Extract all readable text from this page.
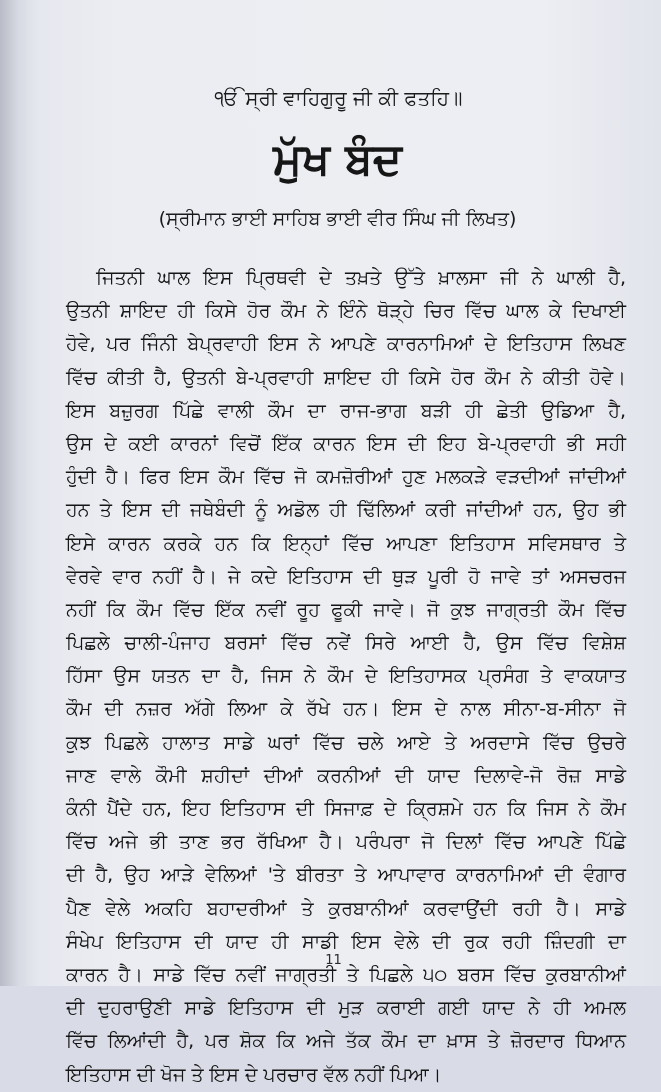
ੴ ਸ੍ਰੀ ਵਾਹਿਗੁਰੂ ਜੀ ਕੀ ਫਤਹਿ॥
ਮੁੱਖ ਬੰਦ
(ਸ੍ਰੀਮਾਨ ਭਾਈ ਸਾਹਿਬ ਭਾਈ ਵੀਰ ਸਿੰਘ ਜੀ ਲਿਖਤ)
ਜਿਤਨੀ ਘਾਲ ਇਸ ਪ੍ਰਿਥਵੀ ਦੇ ਤਖ਼ਤੇ ਉੱਤੇ ਖ਼ਾਲਸਾ ਜੀ ਨੇ ਘਾਲੀ ਹੈ,
ਉਤਨੀ ਸ਼ਾਇਦ ਹੀ ਕਿਸੇ ਹੋਰ ਕੌਮ ਨੇ ਇੰਨੇ ਥੋੜ੍ਹੇ ਚਿਰ ਵਿੱਚ ਘਾਲ ਕੇ ਦਿਖਾਈ
ਹੋਵੇ, ਪਰ ਜਿੰਨੀ ਬੇਪ੍ਰਵਾਹੀ ਇਸ ਨੇ ਆਪਣੇ ਕਾਰਨਾਮਿਆਂ ਦੇ ਇਤਿਹਾਸ ਲਿਖਣ
ਵਿੱਚ ਕੀਤੀ ਹੈ, ਉਤਨੀ ਬੇ-ਪ੍ਰਵਾਹੀ ਸ਼ਾਇਦ ਹੀ ਕਿਸੇ ਹੋਰ ਕੌਮ ਨੇ ਕੀਤੀ ਹੋਵੇ।
ਇਸ ਬਜ਼ੁਰਗ ਪਿੱਛੇ ਵਾਲੀ ਕੌਮ ਦਾ ਰਾਜ-ਭਾਗ ਬੜੀ ਹੀ ਛੇਤੀ ਉਡਿਆ ਹੈ,
ਉਸ ਦੇ ਕਈ ਕਾਰਨਾਂ ਵਿਚੋਂ ਇੱਕ ਕਾਰਨ ਇਸ ਦੀ ਇਹ ਬੇ-ਪ੍ਰਵਾਹੀ ਭੀ ਸਹੀ
ਹੁੰਦੀ ਹੈ। ਫਿਰ ਇਸ ਕੌਮ ਵਿੱਚ ਜੋ ਕਮਜ਼ੋਰੀਆਂ ਹੁਣ ਮਲਕੜੇ ਵੜਦੀਆਂ ਜਾਂਦੀਆਂ
ਹਨ ਤੇ ਇਸ ਦੀ ਜਥੇਬੰਦੀ ਨੂੰ ਅਡੋਲ ਹੀ ਢਿੱਲਿਆਂ ਕਰੀ ਜਾਂਦੀਆਂ ਹਨ, ਉਹ ਭੀ
ਇਸੇ ਕਾਰਨ ਕਰਕੇ ਹਨ ਕਿ ਇਨ੍ਹਾਂ ਵਿੱਚ ਆਪਣਾ ਇਤਿਹਾਸ ਸਵਿਸਥਾਰ ਤੇ
ਵੇਰਵੇ ਵਾਰ ਨਹੀਂ ਹੈ। ਜੇ ਕਦੇ ਇਤਿਹਾਸ ਦੀ ਥੁੜ ਪੂਰੀ ਹੋ ਜਾਵੇ ਤਾਂ ਅਸਚਰਜ
ਨਹੀਂ ਕਿ ਕੌਮ ਵਿੱਚ ਇੱਕ ਨਵੀਂ ਰੂਹ ਫੂਕੀ ਜਾਵੇ। ਜੋ ਕੁਝ ਜਾਗ੍ਰਤੀ ਕੌਮ ਵਿੱਚ
ਪਿਛਲੇ ਚਾਲੀ-ਪੰਜਾਹ ਬਰਸਾਂ ਵਿੱਚ ਨਵੇਂ ਸਿਰੇ ਆਈ ਹੈ, ਉਸ ਵਿੱਚ ਵਿਸ਼ੇਸ਼
ਹਿੱਸਾ ਉਸ ਯਤਨ ਦਾ ਹੈ, ਜਿਸ ਨੇ ਕੌਮ ਦੇ ਇਤਿਹਾਸਕ ਪ੍ਰਸੰਗ ਤੇ ਵਾਕਯਾਤ
ਕੌਮ ਦੀ ਨਜ਼ਰ ਅੱਗੇ ਲਿਆ ਕੇ ਰੱਖੇ ਹਨ। ਇਸ ਦੇ ਨਾਲ ਸੀਨਾ-ਬ-ਸੀਨਾ ਜੋ
ਕੁਝ ਪਿਛਲੇ ਹਾਲਾਤ ਸਾਡੇ ਘਰਾਂ ਵਿੱਚ ਚਲੇ ਆਏ ਤੇ ਅਰਦਾਸੇ ਵਿੱਚ ਉਚਰੇ
ਜਾਣ ਵਾਲੇ ਕੌਮੀ ਸ਼ਹੀਦਾਂ ਦੀਆਂ ਕਰਨੀਆਂ ਦੀ ਯਾਦ ਦਿਲਾਵੇ-ਜੋ ਰੋਜ਼ ਸਾਡੇ
ਕੰਨੀ ਪੈਂਦੇ ਹਨ, ਇਹ ਇਤਿਹਾਸ ਦੀ ਸਿਜਾਫ਼ ਦੇ ਕ੍ਰਿਸ਼ਮੇ ਹਨ ਕਿ ਜਿਸ ਨੇ ਕੌਮ
ਵਿੱਚ ਅਜੇ ਭੀ ਤਾਣ ਭਰ ਰੱਖਿਆ ਹੈ। ਪਰੰਪਰਾ ਜੋ ਦਿਲਾਂ ਵਿੱਚ ਆਪਣੇ ਪਿੱਛੇ
ਦੀ ਹੈ, ਉਹ ਆੜੇ ਵੇਲਿਆਂ 'ਤੇ ਬੀਰਤਾ ਤੇ ਆਪਾਵਾਰ ਕਾਰਨਾਮਿਆਂ ਦੀ ਵੰਗਾਰ
ਪੈਣ ਵੇਲੇ ਅਕਹਿ ਬਹਾਦਰੀਆਂ ਤੇ ਕੁਰਬਾਨੀਆਂ ਕਰਵਾਉਂਦੀ ਰਹੀ ਹੈ। ਸਾਡੇ
ਸੰਖੇਪ ਇਤਿਹਾਸ ਦੀ ਯਾਦ ਹੀ ਸਾਡੀ ਇਸ ਵੇਲੇ ਦੀ ਰੁਕ ਰਹੀ ਜ਼ਿੰਦਗੀ ਦਾ
ਕਾਰਨ ਹੈ। ਸਾਡੇ ਵਿੱਚ ਨਵੀਂ ਜਾਗ੍ਰਤੀ ਤੇ ਪਿਛਲੇ ੫੦ ਬਰਸ ਵਿੱਚ ਕੁਰਬਾਨੀਆਂ
ਦੀ ਦੁਹਰਾਉਣੀ ਸਾਡੇ ਇਤਿਹਾਸ ਦੀ ਮੁੜ ਕਰਾਈ ਗਈ ਯਾਦ ਨੇ ਹੀ ਅਮਲ
ਵਿੱਚ ਲਿਆਂਦੀ ਹੈ, ਪਰ ਸ਼ੋਕ ਕਿ ਅਜੇ ਤੱਕ ਕੌਮ ਦਾ ਖ਼ਾਸ ਤੇ ਜ਼ੋਰਦਾਰ ਧਿਆਨ
ਇਤਿਹਾਸ ਦੀ ਖੋਜ ਤੇ ਇਸ ਦੇ ਪਰਚਾਰ ਵੱਲ ਨਹੀਂ ਪਿਆ।
11
